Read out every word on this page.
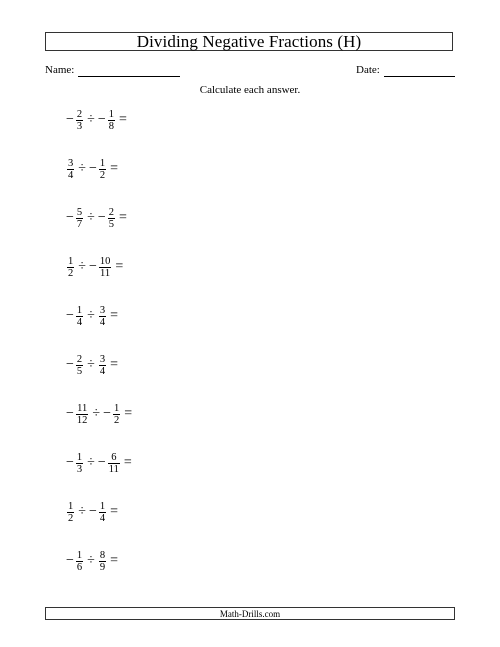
Dividing Negative Fractions (H)
Name:	Date:
Calculate each answer.
− $\frac{2}{3}$ ÷ − $\frac{1}{8}$ =
$\frac{3}{4}$ ÷ − $\frac{1}{2}$ =
− $\frac{5}{7}$ ÷ − $\frac{2}{5}$ =
$\frac{1}{2}$ ÷ − $\frac{10}{11}$ =
− $\frac{1}{4} \div \frac{3}{4}$ =
− $\frac{2}{5} \div \frac{3}{4}$ =
− $\frac{11}{12}$ ÷ − $\frac{1}{2}$ =
− $\frac{1}{3}$ ÷ − $\frac{6}{11}$ =
$\frac{1}{2}$ ÷ − $\frac{1}{4}$ =
− $\frac{1}{6} \div \frac{8}{9}$ =
Math-Drills.com
